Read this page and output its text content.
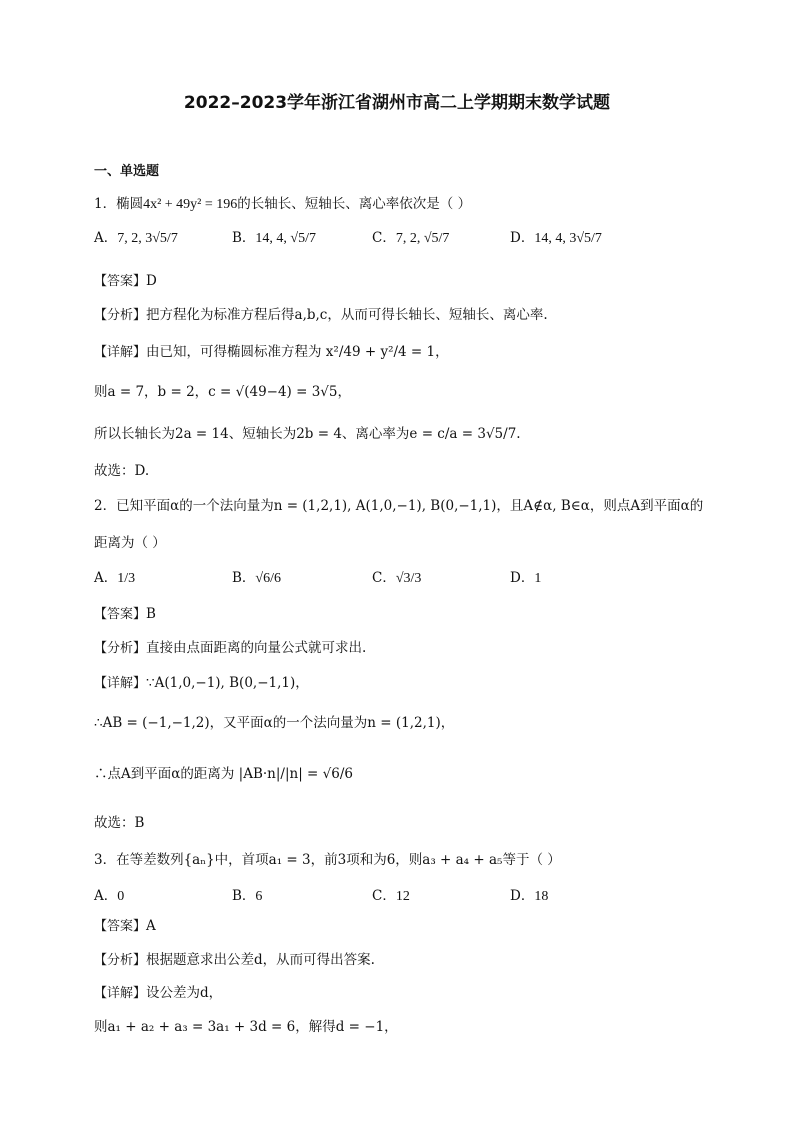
2022–2023学年浙江省湖州市高二上学期期末数学试题
一、单选题
1．椭圆4x² + 49y² = 196的长轴长、短轴长、离心率依次是（ ）
A．7, 2, 3√5/7	B．14, 4, √5/7	C．7, 2, √5/7	D．14, 4, 3√5/7
【答案】D
【分析】把方程化为标准方程后得a,b,c，从而可得长轴长、短轴长、离心率.
【详解】由已知，可得椭圆标准方程为 x²/49 + y²/4 = 1，
则a = 7，b = 2，c = √(49−4) = 3√5，
所以长轴长为2a = 14、短轴长为2b = 4、离心率为e = c/a = 3√5/7.
故选：D.
2．已知平面α的一个法向量为n = (1,2,1), A(1,0,−1), B(0,−1,1)，且A∉α, B∈α，则点A到平面α的
距离为（ ）
A．1/3	B．√6/6	C．√3/3	D．1
【答案】B
【分析】直接由点面距离的向量公式就可求出.
【详解】∵A(1,0,−1), B(0,−1,1)，
∴AB = (−1,−1,2)，又平面α的一个法向量为n = (1,2,1)，
∴点A到平面α的距离为 |AB·n|/|n| = √6/6
故选：B
3．在等差数列{aₙ}中，首项a₁ = 3，前3项和为6，则a₃ + a₄ + a₅等于（ ）
A．0	B．6	C．12	D．18
【答案】A
【分析】根据题意求出公差d，从而可得出答案.
【详解】设公差为d，
则a₁ + a₂ + a₃ = 3a₁ + 3d = 6，解得d = −1，
